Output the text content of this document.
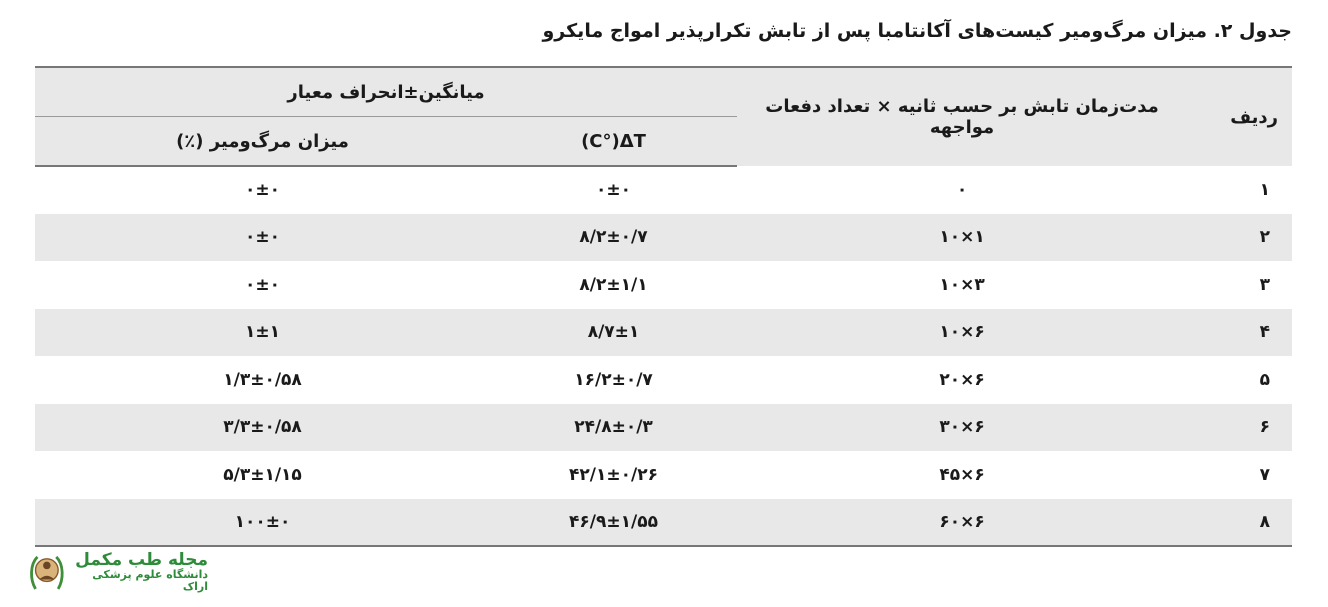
جدول ۲. میزان مرگ‌ومیر کیست‌های آکانتامبا پس از تابش تکرارپذیر امواج مایکرو
ردیف	مدت‌زمان تابش بر حسب ثانیه × تعداد دفعات مواجهه	میانگین±انحراف معیار	
		(C°)ΔT	میزان مرگ‌ومیر (٪)
۱	۰	۰±۰	۰±۰
۲	۱×۱۰	۸/۲±۰/۷	۰±۰
۳	۳×۱۰	۸/۲±۱/۱	۰±۰
۴	۶×۱۰	۸/۷±۱	۱±۱
۵	۶×۲۰	۱۶/۲±۰/۷	۱/۳±۰/۵۸
۶	۶×۳۰	۲۴/۸±۰/۳	۳/۳±۰/۵۸
۷	۶×۴۵	۴۲/۱±۰/۲۶	۵/۳±۱/۱۵
۸	۶×۶۰	۴۶/۹±۱/۵۵	۱۰۰±۰
مجله طب مکمل
دانشگاه علوم پزشکی اراک
